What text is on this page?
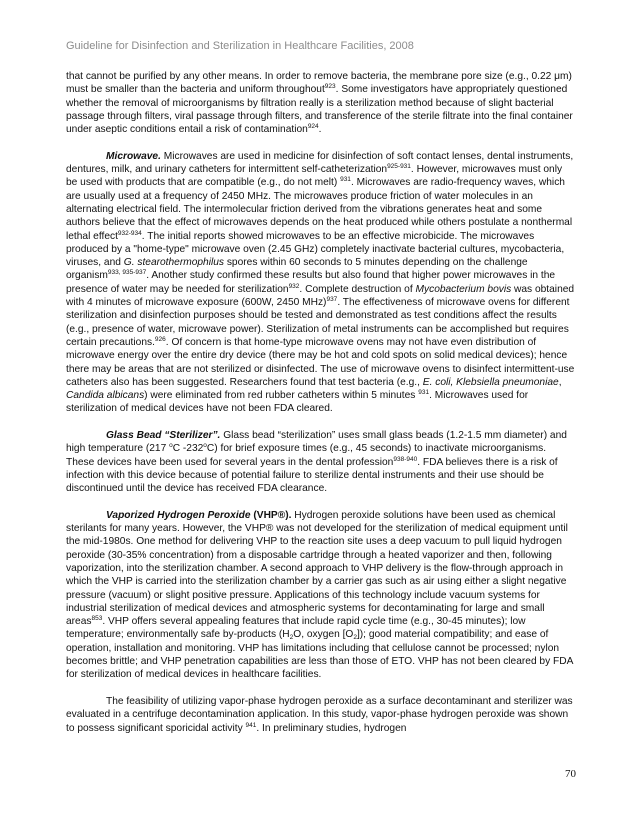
Guideline for Disinfection and Sterilization in Healthcare Facilities, 2008

that cannot be purified by any other means. In order to remove bacteria, the membrane pore size (e.g., 0.22 μm) must be smaller than the bacteria and uniform throughout$^{923}$. Some investigators have appropriately questioned whether the removal of microorganisms by filtration really is a sterilization method because of slight bacterial passage through filters, viral passage through filters, and transference of the sterile filtrate into the final container under aseptic conditions entail a risk of contamination$^{924}$.

Microwave. Microwaves are used in medicine for disinfection of soft contact lenses, dental instruments, dentures, milk, and urinary catheters for intermittent self-catheterization$^{925-931}$. However, microwaves must only be used with products that are compatible (e.g., do not melt) $^{931}$. Microwaves are radio-frequency waves, which are usually used at a frequency of 2450 MHz. The microwaves produce friction of water molecules in an alternating electrical field. The intermolecular friction derived from the vibrations generates heat and some authors believe that the effect of microwaves depends on the heat produced while others postulate a nonthermal lethal effect$^{932-934}$. The initial reports showed microwaves to be an effective microbicide. The microwaves produced by a "home-type" microwave oven (2.45 GHz) completely inactivate bacterial cultures, mycobacteria, viruses, and G. stearothermophilus spores within 60 seconds to 5 minutes depending on the challenge organism$^{933, 935-937}$. Another study confirmed these results but also found that higher power microwaves in the presence of water may be needed for sterilization$^{932}$. Complete destruction of Mycobacterium bovis was obtained with 4 minutes of microwave exposure (600W, 2450 MHz)$^{937}$. The effectiveness of microwave ovens for different sterilization and disinfection purposes should be tested and demonstrated as test conditions affect the results (e.g., presence of water, microwave power). Sterilization of metal instruments can be accomplished but requires certain precautions.$^{926}$. Of concern is that home-type microwave ovens may not have even distribution of microwave energy over the entire dry device (there may be hot and cold spots on solid medical devices); hence there may be areas that are not sterilized or disinfected. The use of microwave ovens to disinfect intermittent-use catheters also has been suggested. Researchers found that test bacteria (e.g., E. coli, Klebsiella pneumoniae, Candida albicans) were eliminated from red rubber catheters within 5 minutes $^{931}$. Microwaves used for sterilization of medical devices have not been FDA cleared.

Glass Bead “Sterilizer”. Glass bead “sterilization” uses small glass beads (1.2-1.5 mm diameter) and high temperature (217 $^o$C -232$^o$C) for brief exposure times (e.g., 45 seconds) to inactivate microorganisms. These devices have been used for several years in the dental profession$^{938-940}$. FDA believes there is a risk of infection with this device because of potential failure to sterilize dental instruments and their use should be discontinued until the device has received FDA clearance.

Vaporized Hydrogen Peroxide (VHP®). Hydrogen peroxide solutions have been used as chemical sterilants for many years. However, the VHP® was not developed for the sterilization of medical equipment until the mid-1980s. One method for delivering VHP to the reaction site uses a deep vacuum to pull liquid hydrogen peroxide (30-35% concentration) from a disposable cartridge through a heated vaporizer and then, following vaporization, into the sterilization chamber. A second approach to VHP delivery is the flow-through approach in which the VHP is carried into the sterilization chamber by a carrier gas such as air using either a slight negative pressure (vacuum) or slight positive pressure. Applications of this technology include vacuum systems for industrial sterilization of medical devices and atmospheric systems for decontaminating for large and small areas$^{853}$. VHP offers several appealing features that include rapid cycle time (e.g., 30-45 minutes); low temperature; environmentally safe by-products ($H_2O$, oxygen $[O_2]$); good material compatibility; and ease of operation, installation and monitoring. VHP has limitations including that cellulose cannot be processed; nylon becomes brittle; and VHP penetration capabilities are less than those of ETO. VHP has not been cleared by FDA for sterilization of medical devices in healthcare facilities.

The feasibility of utilizing vapor-phase hydrogen peroxide as a surface decontaminant and sterilizer was evaluated in a centrifuge decontamination application. In this study, vapor-phase hydrogen peroxide was shown to possess significant sporicidal activity $^{941}$. In preliminary studies, hydrogen

70
